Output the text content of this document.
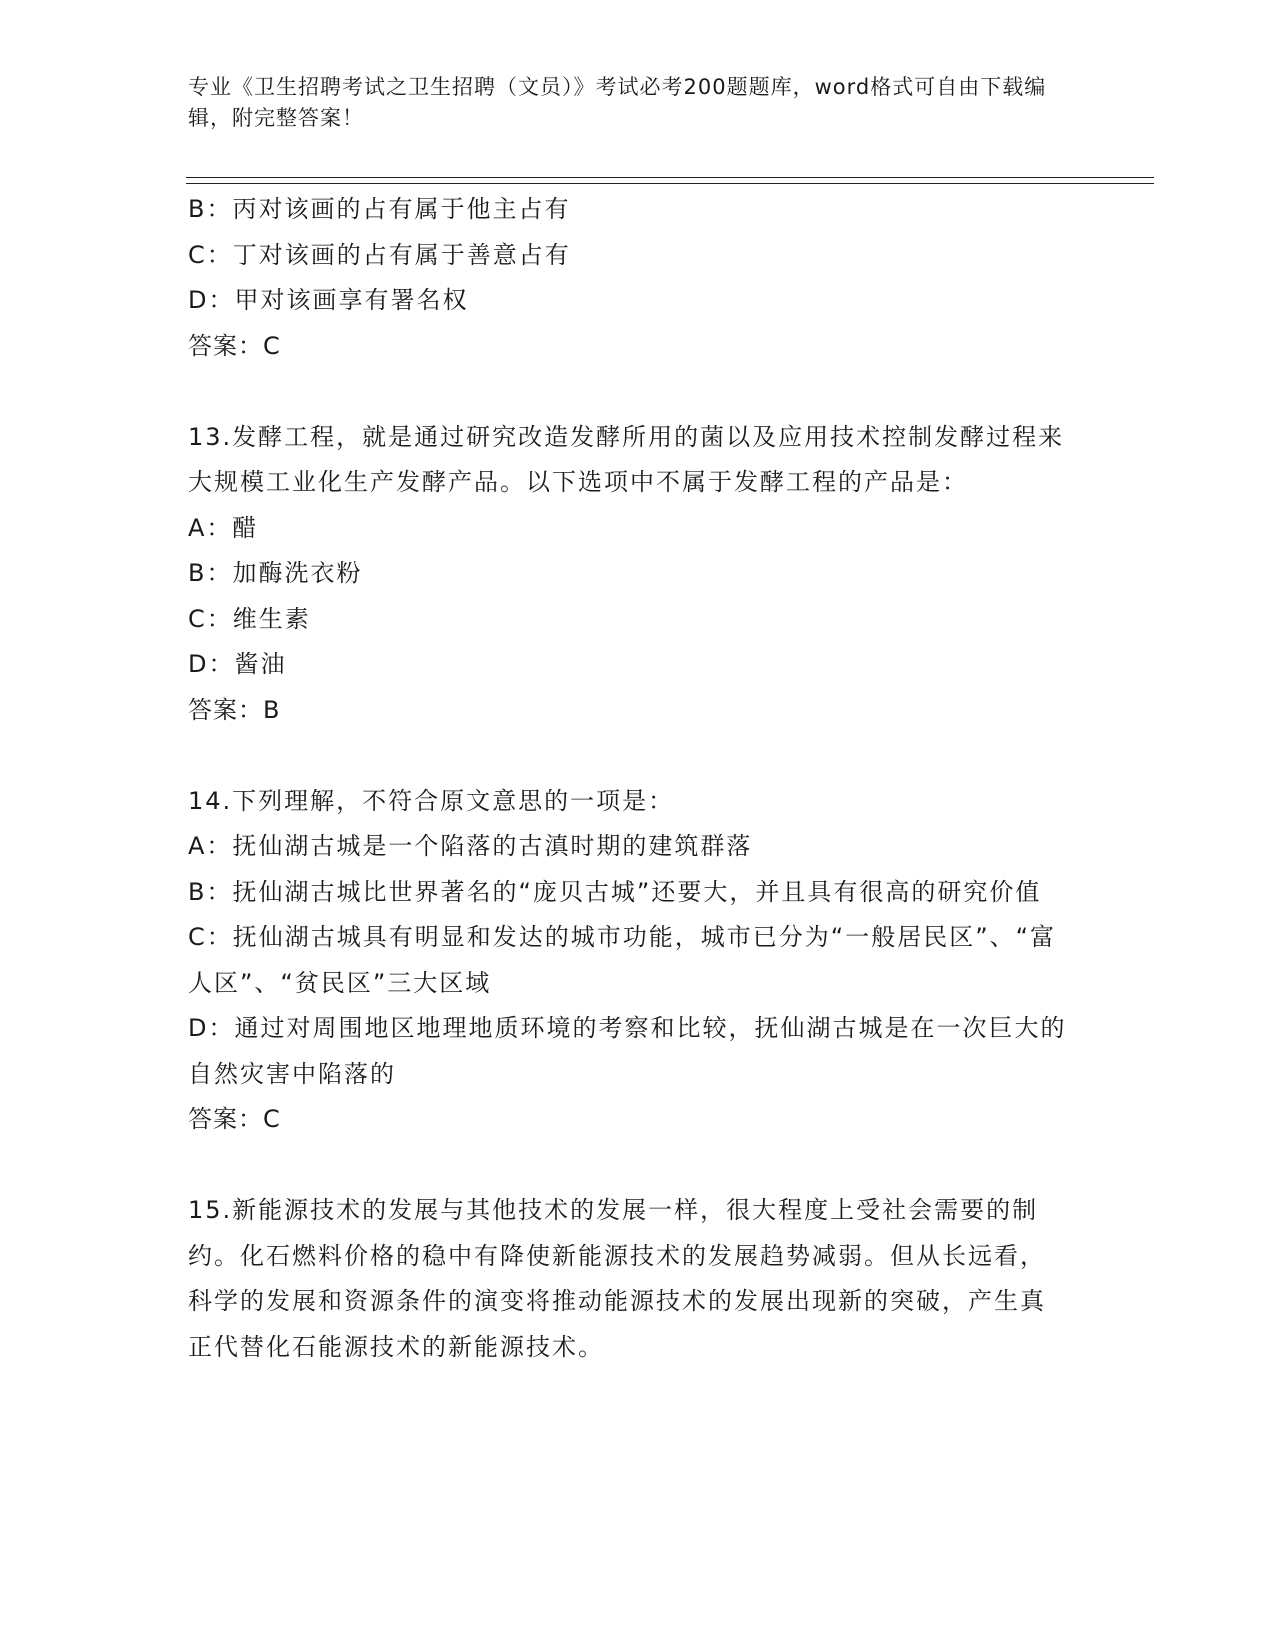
专业《卫生招聘考试之卫生招聘（文员）》考试必考200题题库，word格式可自由下载编辑，附完整答案！
B：丙对该画的占有属于他主占有
C：丁对该画的占有属于善意占有
D：甲对该画享有署名权
答案：C
13.发酵工程，就是通过研究改造发酵所用的菌以及应用技术控制发酵过程来大规模工业化生产发酵产品。以下选项中不属于发酵工程的产品是：
A：醋
B：加酶洗衣粉
C：维生素
D：酱油
答案：B
14.下列理解，不符合原文意思的一项是：
A：抚仙湖古城是一个陷落的古滇时期的建筑群落
B：抚仙湖古城比世界著名的“庞贝古城”还要大，并且具有很高的研究价值
C：抚仙湖古城具有明显和发达的城市功能，城市已分为“一般居民区”、“富人区”、“贫民区”三大区域
D：通过对周围地区地理地质环境的考察和比较，抚仙湖古城是在一次巨大的自然灾害中陷落的
答案：C
15.新能源技术的发展与其他技术的发展一样，很大程度上受社会需要的制约。化石燃料价格的稳中有降使新能源技术的发展趋势减弱。但从长远看，科学的发展和资源条件的演变将推动能源技术的发展出现新的突破，产生真正代替化石能源技术的新能源技术。
